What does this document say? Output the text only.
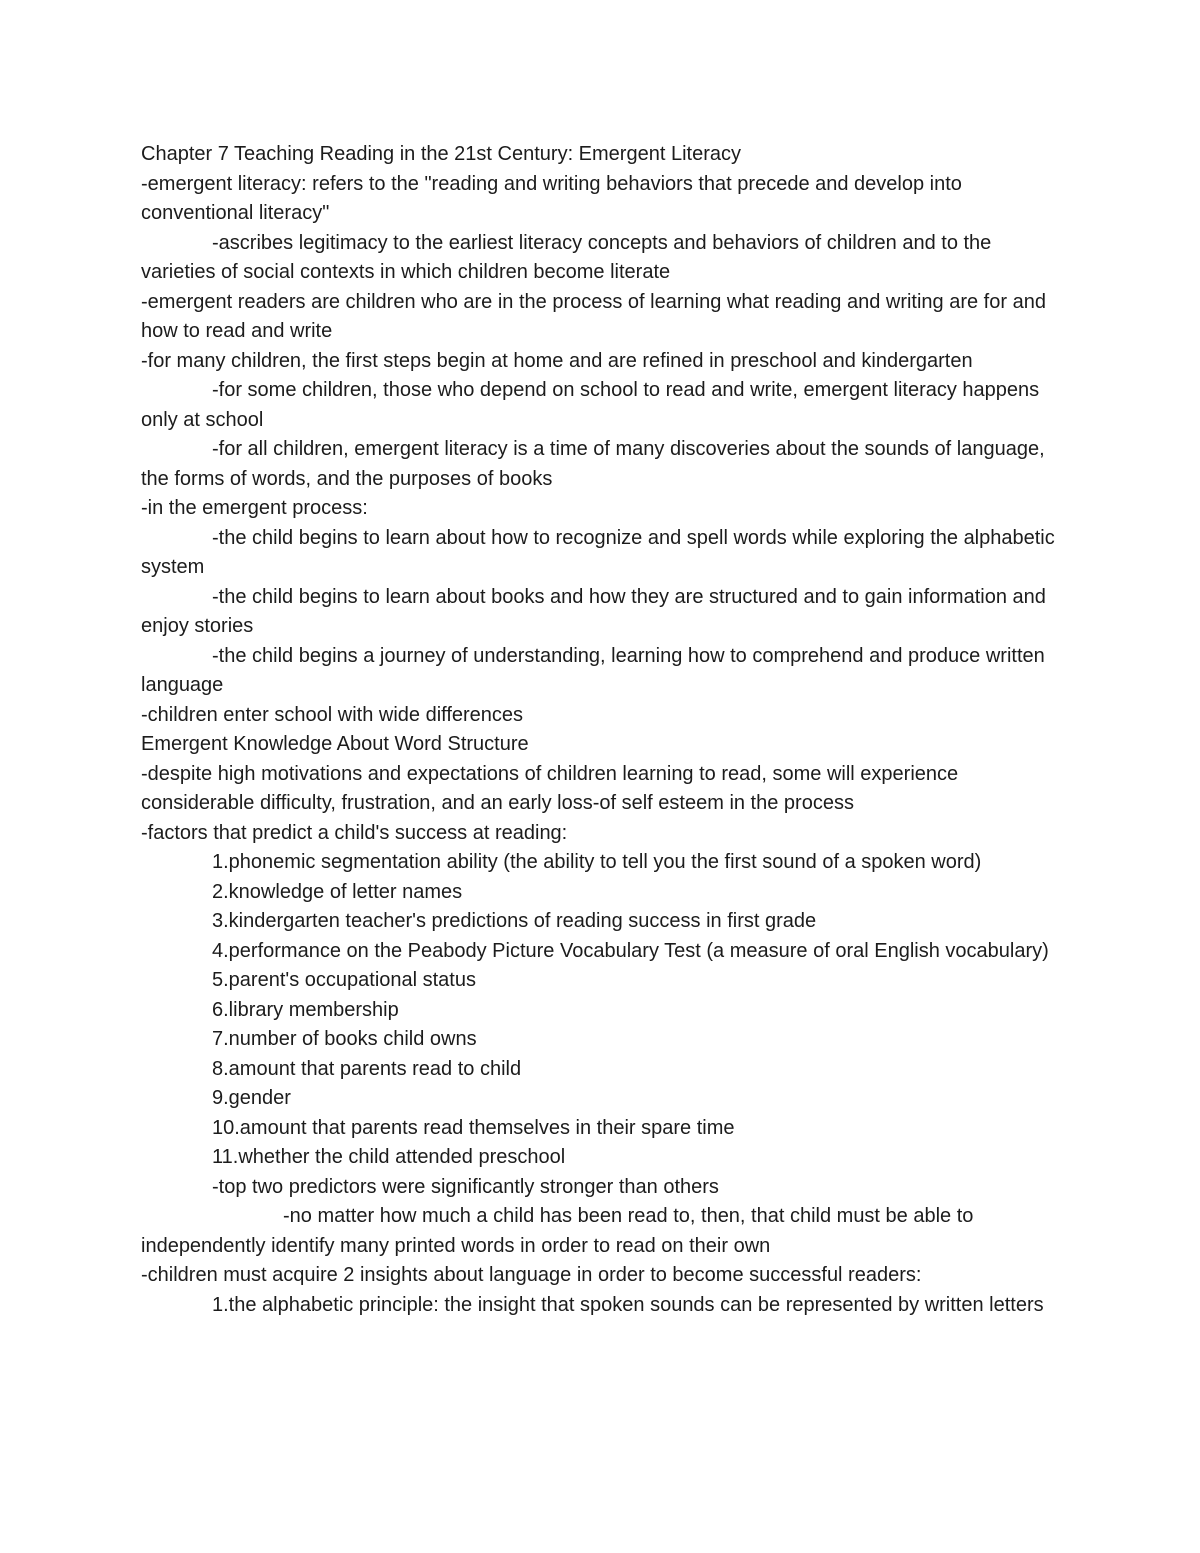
Chapter 7 Teaching Reading in the 21st Century: Emergent Literacy

-emergent literacy: refers to the "reading and writing behaviors that precede and develop into conventional literacy"

-ascribes legitimacy to the earliest literacy concepts and behaviors of children and to the varieties of social contexts in which children become literate

-emergent readers are children who are in the process of learning what reading and writing are for and how to read and write

-for many children, the first steps begin at home and are refined in preschool and kindergarten

-for some children, those who depend on school to read and write, emergent literacy happens only at school

-for all children, emergent literacy is a time of many discoveries about the sounds of language, the forms of words, and the purposes of books

-in the emergent process:

-the child begins to learn about how to recognize and spell words while exploring the alphabetic system

-the child begins to learn about books and how they are structured and to gain information and enjoy stories

-the child begins a journey of understanding, learning how to comprehend and produce written language

-children enter school with wide differences

Emergent Knowledge About Word Structure

-despite high motivations and expectations of children learning to read, some will experience considerable difficulty, frustration, and an early loss-of self esteem in the process

-factors that predict a child's success at reading:

1.phonemic segmentation ability (the ability to tell you the first sound of a spoken word)

2.knowledge of letter names

3.kindergarten teacher's predictions of reading success in first grade

4.performance on the Peabody Picture Vocabulary Test (a measure of oral English vocabulary)

5.parent's occupational status

6.library membership

7.number of books child owns

8.amount that parents read to child

9.gender

10.amount that parents read themselves in their spare time

11.whether the child attended preschool

-top two predictors were significantly stronger than others

-no matter how much a child has been read to, then, that child must be able to independently identify many printed words in order to read on their own

-children must acquire 2 insights about language in order to become successful readers:

1.the alphabetic principle: the insight that spoken sounds can be represented by written letters
